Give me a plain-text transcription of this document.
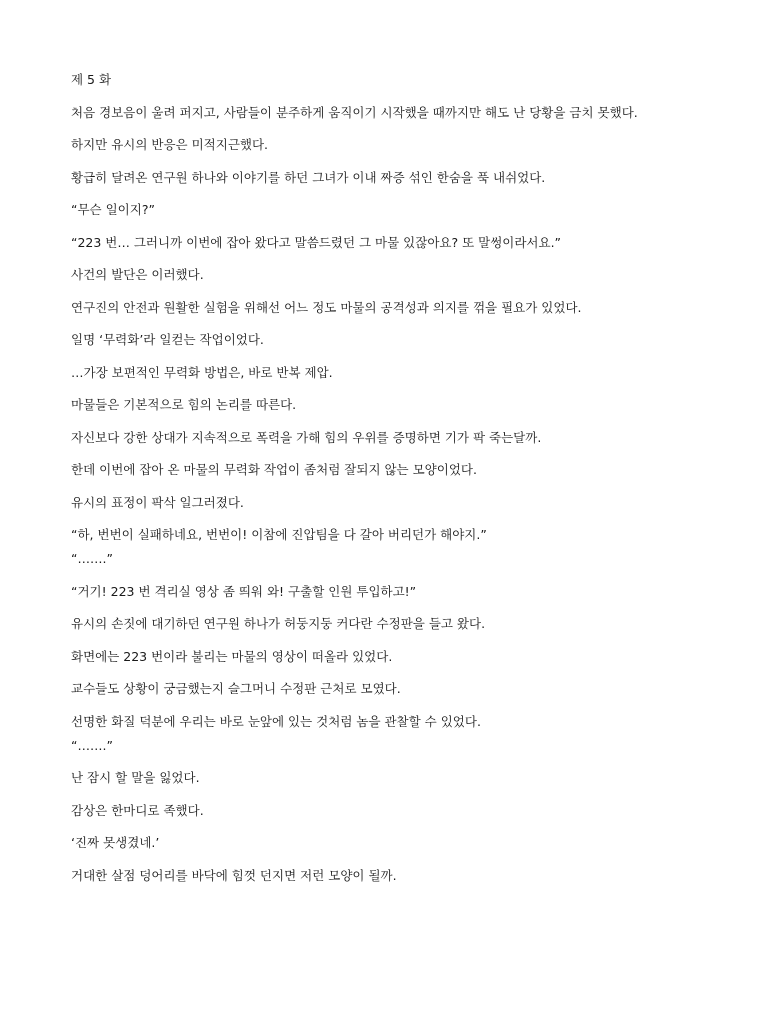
제 5 화

처음 경보음이 울려 퍼지고, 사람들이 분주하게 움직이기 시작했을 때까지만 해도 난 당황을 금치 못했다.

하지만 유시의 반응은 미적지근했다.

황급히 달려온 연구원 하나와 이야기를 하던 그녀가 이내 짜증 섞인 한숨을 푹 내쉬었다.

“무슨 일이지?”

“223 번… 그러니까 이번에 잡아 왔다고 말씀드렸던 그 마물 있잖아요? 또 말썽이라서요.”

사건의 발단은 이러했다.

연구진의 안전과 원활한 실험을 위해선 어느 정도 마물의 공격성과 의지를 꺾을 필요가 있었다.

일명 ‘무력화’라 일컫는 작업이었다.

…가장 보편적인 무력화 방법은, 바로 반복 제압.

마물들은 기본적으로 힘의 논리를 따른다.

자신보다 강한 상대가 지속적으로 폭력을 가해 힘의 우위를 증명하면 기가 팍 죽는달까.

한데 이번에 잡아 온 마물의 무력화 작업이 좀처럼 잘되지 않는 모양이었다.

유시의 표정이 팍삭 일그러졌다.

“하, 번번이 실패하네요, 번번이! 이참에 진압팀을 다 갈아 버리던가 해야지.”

“…….”

“거기! 223 번 격리실 영상 좀 띄워 와! 구출할 인원 투입하고!”

유시의 손짓에 대기하던 연구원 하나가 허둥지둥 커다란 수정판을 들고 왔다.

화면에는 223 번이라 불리는 마물의 영상이 떠올라 있었다.

교수들도 상황이 궁금했는지 슬그머니 수정판 근처로 모였다.

선명한 화질 덕분에 우리는 바로 눈앞에 있는 것처럼 놈을 관찰할 수 있었다.

“…….”

난 잠시 할 말을 잃었다.

감상은 한마디로 족했다.

‘진짜 못생겼네.’

거대한 살점 덩어리를 바닥에 힘껏 던지면 저런 모양이 될까.
